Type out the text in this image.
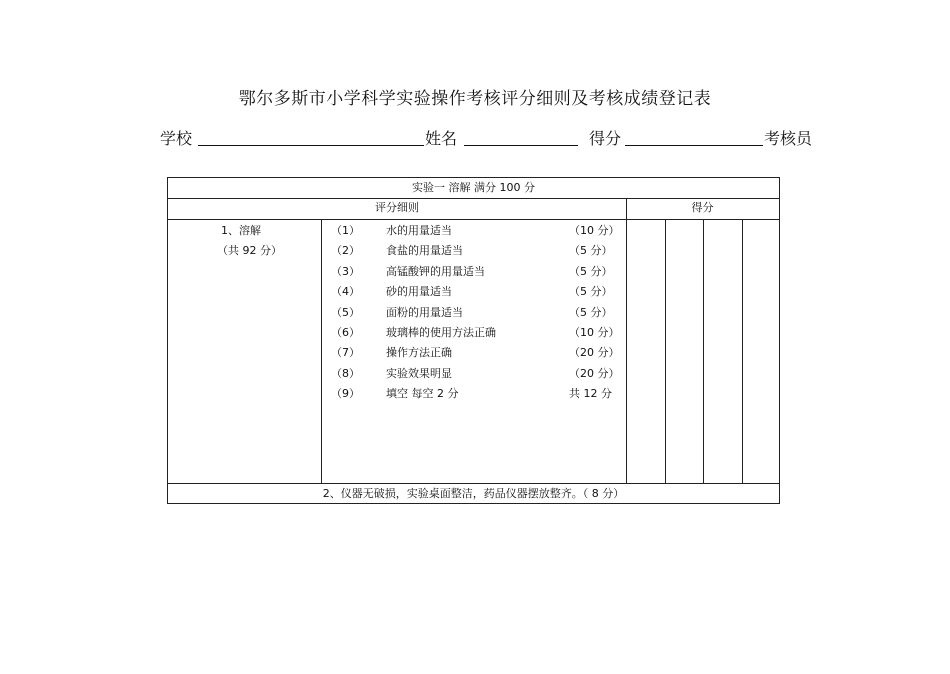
鄂尔多斯市小学科学实验操作考核评分细则及考核成绩登记表
学校	姓名	得分	考核员
实验一 溶解 满分 100 分
评分细则	得分
1、溶解
（共 92 分）
（1） 水的用量适当	（10 分）
（2） 食盐的用量适当	（5 分）
（3） 高锰酸钾的用量适当	（5 分）
（4） 砂的用量适当	（5 分）
（5） 面粉的用量适当	（5 分）
（6） 玻璃棒的使用方法正确	（10 分）
（7） 操作方法正确	（20 分）
（8） 实验效果明显	（20 分）
（9） 填空 每空 2 分	共 12 分
2、仪器无破损，实验桌面整洁，药品仪器摆放整齐。（ 8 分）
